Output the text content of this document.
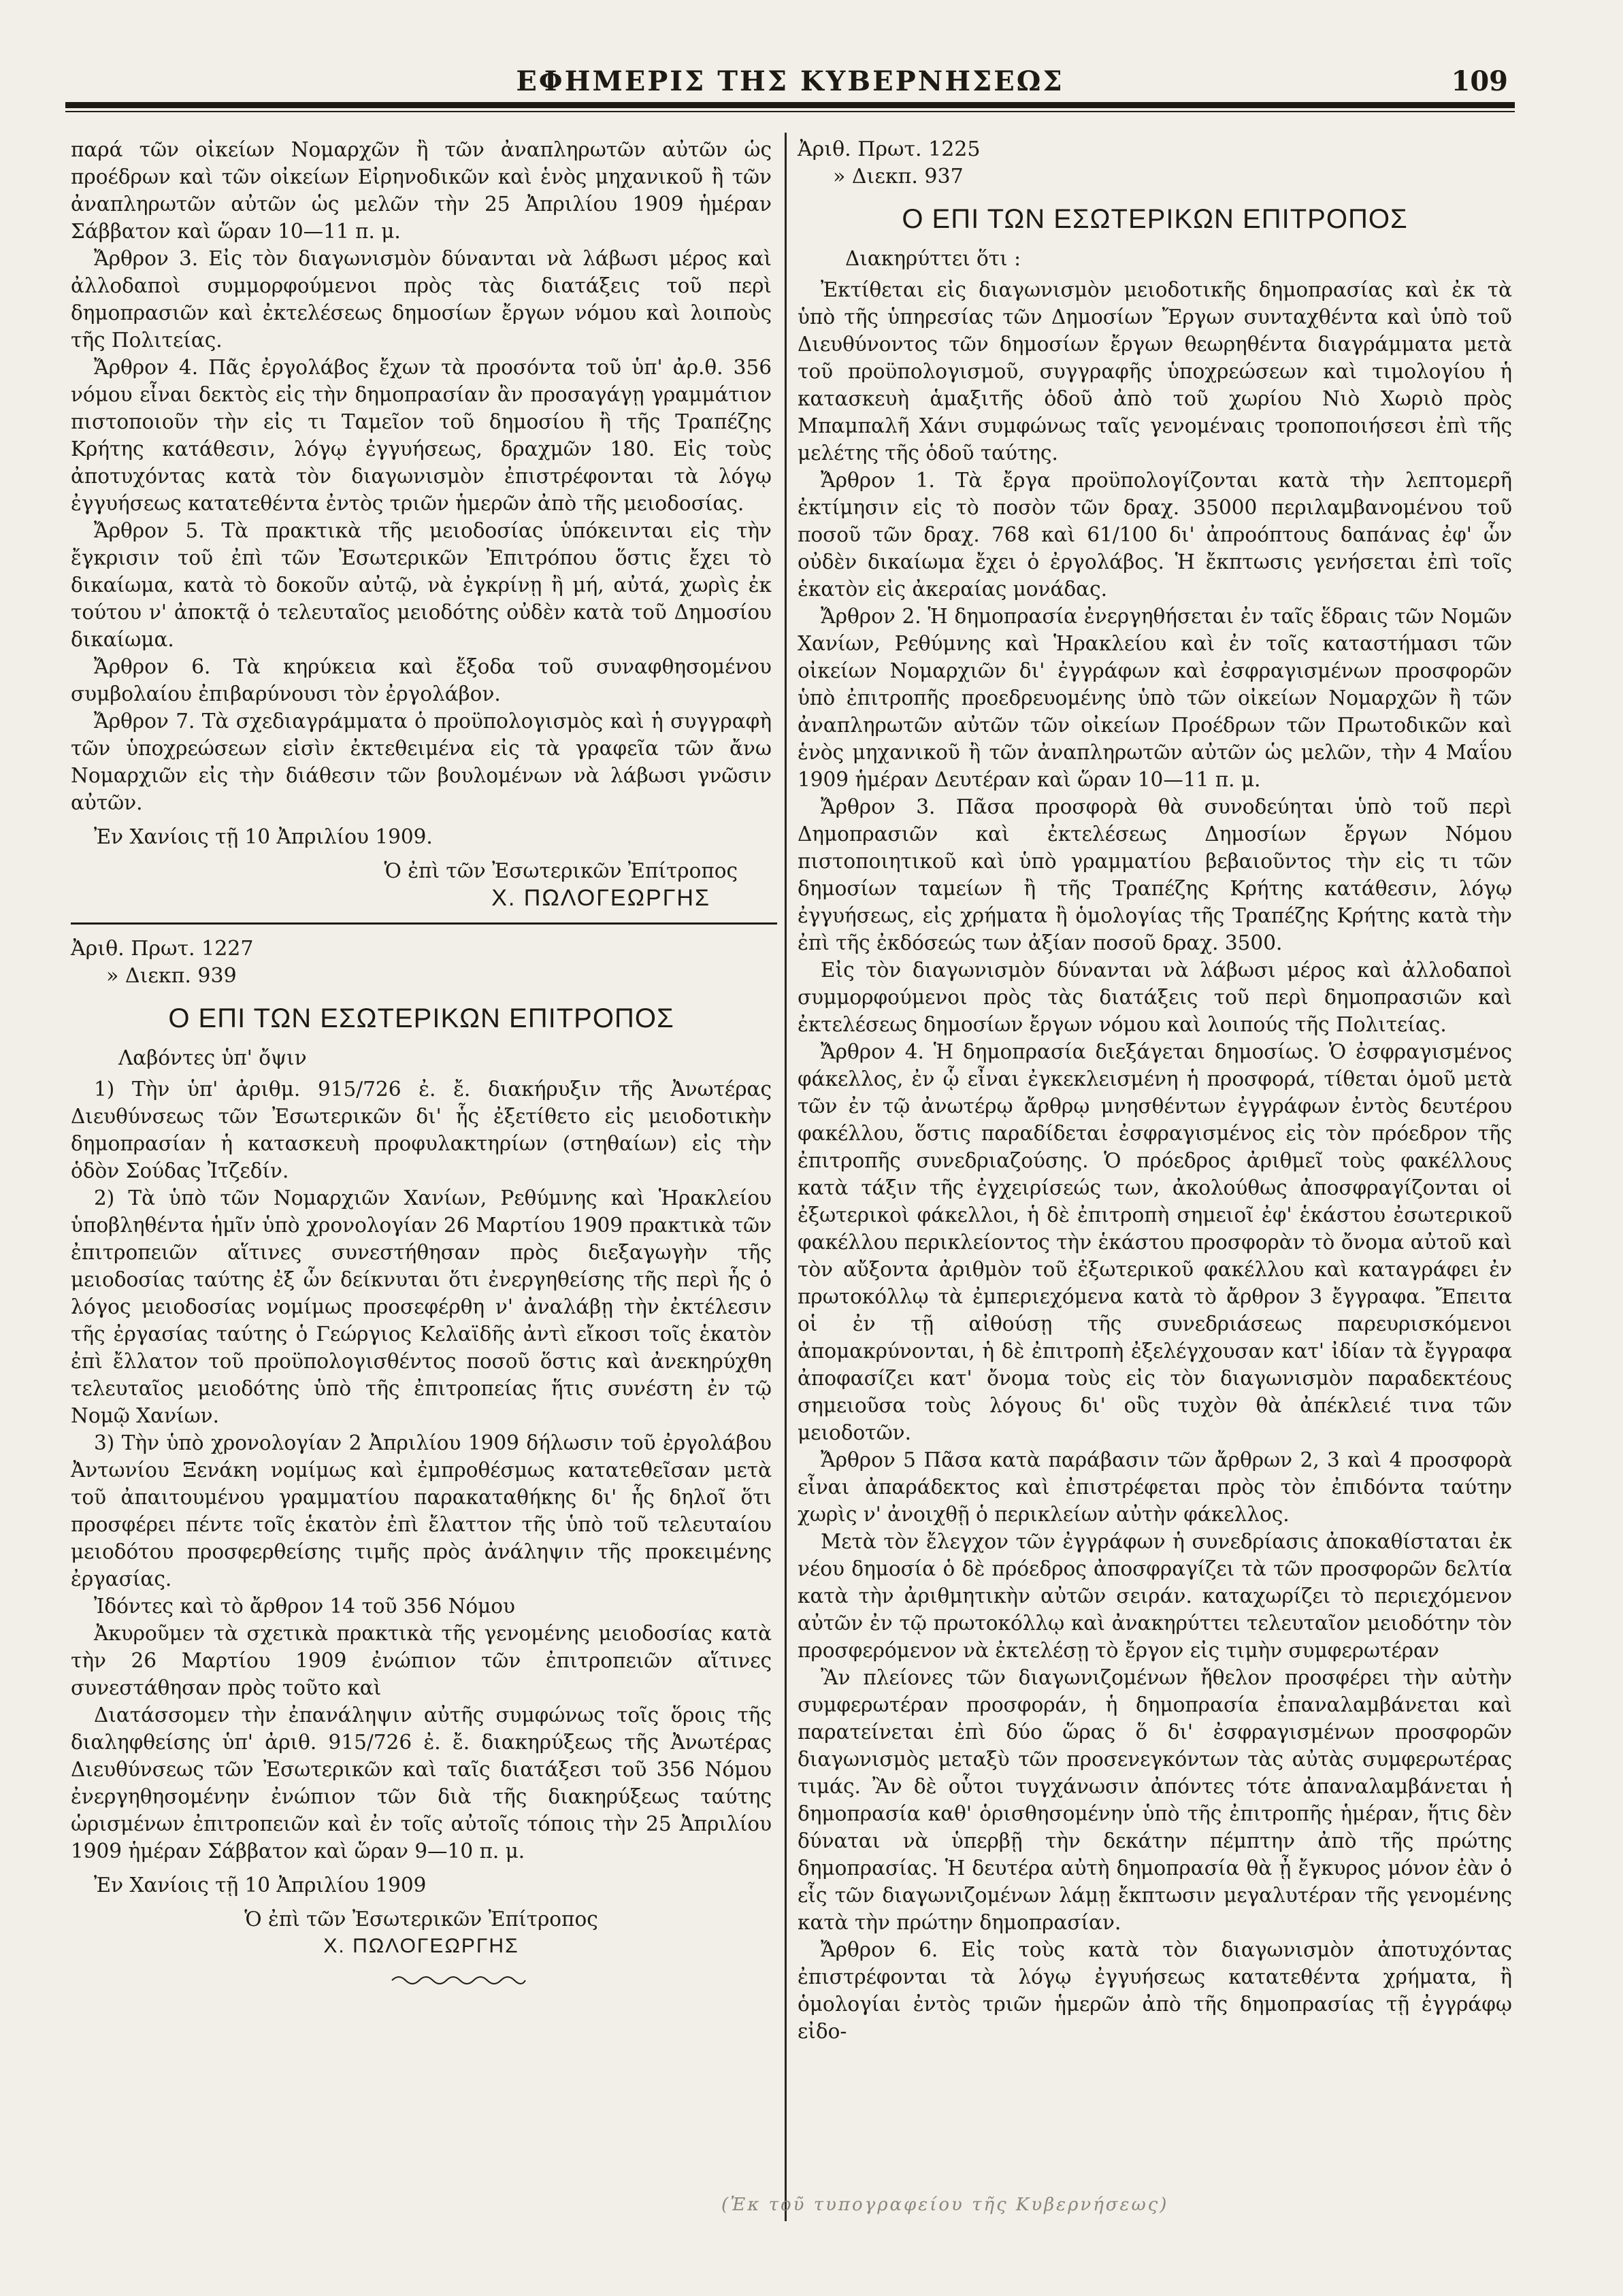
ΕΦΗΜΕΡΙΣ ΤΗΣ ΚΥΒΕΡΝΗΣΕΩΣ	109

παρά τῶν οἰκείων Νομαρχῶν ἢ τῶν ἀναπληρωτῶν αὐτῶν ὡς προέδρων καὶ τῶν οἰκείων Εἰρηνοδικῶν καὶ ἑνὸς μηχανικοῦ ἢ τῶν ἀναπληρωτῶν αὐτῶν ὡς μελῶν τὴν 25 Ἀπριλίου 1909 ἡμέραν Σάββατον καὶ ὥραν 10—11 π. μ.

Ἄρθρον 3. Εἰς τὸν διαγωνισμὸν δύνανται νὰ λάβωσι μέρος καὶ ἀλλοδαποὶ συμμορφούμενοι πρὸς τὰς διατάξεις τοῦ περὶ δημοπρασιῶν καὶ ἐκτελέσεως δημοσίων ἔργων νόμου καὶ λοιποὺς τῆς Πολιτείας.

Ἄρθρον 4. Πᾶς ἐργολάβος ἔχων τὰ προσόντα τοῦ ὑπ' ἀρ.θ. 356 νόμου εἶναι δεκτὸς εἰς τὴν δημοπρασίαν ἂν προσαγάγῃ γραμμάτιον πιστοποιοῦν τὴν εἰς τι Ταμεῖον τοῦ δημοσίου ἢ τῆς Τραπέζης Κρήτης κατάθεσιν, λόγῳ ἐγγυήσεως, δραχμῶν 180. Εἰς τοὺς ἀποτυχόντας κατὰ τὸν διαγωνισμὸν ἐπιστρέφονται τὰ λόγῳ ἐγγυήσεως κατατεθέντα ἐντὸς τριῶν ἡμερῶν ἀπὸ τῆς μειοδοσίας.

Ἄρθρον 5. Τὰ πρακτικὰ τῆς μειοδοσίας ὑπόκεινται εἰς τὴν ἔγκρισιν τοῦ ἐπὶ τῶν Ἐσωτερικῶν Ἐπιτρόπου ὅστις ἔχει τὸ δικαίωμα, κατὰ τὸ δοκοῦν αὐτῷ, νὰ ἐγκρίνῃ ἢ μή, αὐτά, χωρὶς ἐκ τούτου ν' ἀποκτᾷ ὁ τελευταῖος μειοδότης οὐδὲν κατὰ τοῦ Δημοσίου δικαίωμα.

Ἄρθρον 6. Τὰ κηρύκεια καὶ ἔξοδα τοῦ συναφθησομένου συμβολαίου ἐπιβαρύνουσι τὸν ἐργολάβον.

Ἄρθρον 7. Τὰ σχεδιαγράμματα ὁ προϋπολογισμὸς καὶ ἡ συγγραφὴ τῶν ὑποχρεώσεων εἰσὶν ἐκτεθειμένα εἰς τὰ γραφεῖα τῶν ἄνω Νομαρχιῶν εἰς τὴν διάθεσιν τῶν βουλομένων νὰ λάβωσι γνῶσιν αὐτῶν.

Ἐν Χανίοις τῇ 10 Ἀπριλίου 1909.

Ὁ ἐπὶ τῶν Ἐσωτερικῶν Ἐπίτροπος

Χ. ΠΩΛΟΓΕΩΡΓΗΣ

Ἀριθ. Πρωτ. 1227

» Διεκπ. 939

Ο ΕΠΙ ΤΩΝ ΕΣΩΤΕΡΙΚΩΝ ΕΠΙΤΡΟΠΟΣ

Λαβόντες ὑπ' ὄψιν

1) Τὴν ὑπ' ἀριθμ. 915/726 ἐ. ἔ. διακήρυξιν τῆς Ἀνωτέρας Διευθύνσεως τῶν Ἐσωτερικῶν δι' ἧς ἐξετίθετο εἰς μειοδοτικὴν δημοπρασίαν ἡ κατασκευὴ προφυλακτηρίων (στηθαίων) εἰς τὴν ὁδὸν Σούδας Ἰτζεδίν.

2) Τὰ ὑπὸ τῶν Νομαρχιῶν Χανίων, Ρεθύμνης καὶ Ἡρακλείου ὑποβληθέντα ἡμῖν ὑπὸ χρονολογίαν 26 Μαρτίου 1909 πρακτικὰ τῶν ἐπιτροπειῶν αἵτινες συνεστήθησαν πρὸς διεξαγωγὴν τῆς μειοδοσίας ταύτης ἐξ ὧν δείκνυται ὅτι ἐνεργηθείσης τῆς περὶ ἧς ὁ λόγος μειοδοσίας νομίμως προσεφέρθη ν' ἀναλάβῃ τὴν ἐκτέλεσιν τῆς ἐργασίας ταύτης ὁ Γεώργιος Κελαϊδῆς ἀντὶ εἴκοσι τοῖς ἑκατὸν ἐπὶ ἔλλατον τοῦ προϋπολογισθέντος ποσοῦ ὅστις καὶ ἀνεκηρύχθη τελευταῖος μειοδότης ὑπὸ τῆς ἐπιτροπείας ἥτις συνέστη ἐν τῷ Νομῷ Χανίων.

3) Τὴν ὑπὸ χρονολογίαν 2 Ἀπριλίου 1909 δήλωσιν τοῦ ἐργολάβου Ἀντωνίου Ξενάκη νομίμως καὶ ἐμπροθέσμως κατατεθεῖσαν μετὰ τοῦ ἀπαιτουμένου γραμματίου παρακαταθήκης δι' ἧς δηλοῖ ὅτι προσφέρει πέντε τοῖς ἑκατὸν ἐπὶ ἔλαττον τῆς ὑπὸ τοῦ τελευταίου μειοδότου προσφερθείσης τιμῆς πρὸς ἀνάληψιν τῆς προκειμένης ἐργασίας.

Ἰδόντες καὶ τὸ ἄρθρον 14 τοῦ 356 Νόμου

Ἀκυροῦμεν τὰ σχετικὰ πρακτικὰ τῆς γενομένης μειοδοσίας κατὰ τὴν 26 Μαρτίου 1909 ἐνώπιον τῶν ἐπιτροπειῶν αἵτινες συνεστάθησαν πρὸς τοῦτο καὶ

Διατάσσομεν τὴν ἐπανάληψιν αὐτῆς συμφώνως τοῖς ὅροις τῆς διαληφθείσης ὑπ' ἀριθ. 915/726 ἐ. ἔ. διακηρύξεως τῆς Ἀνωτέρας Διευθύνσεως τῶν Ἐσωτερικῶν καὶ ταῖς διατάξεσι τοῦ 356 Νόμου ἐνεργηθησομένην ἐνώπιον τῶν διὰ τῆς διακηρύξεως ταύτης ὡρισμένων ἐπιτροπειῶν καὶ ἐν τοῖς αὐτοῖς τόποις τὴν 25 Ἀπριλίου 1909 ἡμέραν Σάββατον καὶ ὥραν 9—10 π. μ.

Ἐν Χανίοις τῇ 10 Ἀπριλίου 1909

Ὁ ἐπὶ τῶν Ἐσωτερικῶν Ἐπίτροπος

Χ. ΠΩΛΟΓΕΩΡΓΗΣ

Ἀριθ. Πρωτ. 1225

» Διεκπ. 937

Ο ΕΠΙ ΤΩΝ ΕΣΩΤΕΡΙΚΩΝ ΕΠΙΤΡΟΠΟΣ

Διακηρύττει ὅτι :

Ἐκτίθεται εἰς διαγωνισμὸν μειοδοτικῆς δημοπρασίας καὶ ἐκ τὰ ὑπὸ τῆς ὑπηρεσίας τῶν Δημοσίων Ἔργων συνταχθέντα καὶ ὑπὸ τοῦ Διευθύνοντος τῶν δημοσίων ἔργων θεωρηθέντα διαγράμματα μετὰ τοῦ προϋπολογισμοῦ, συγγραφῆς ὑποχρεώσεων καὶ τιμολογίου ἡ κατασκευὴ ἁμαξιτῆς ὁδοῦ ἀπὸ τοῦ χωρίου Νιὸ Χωριὸ πρὸς Μπαμπαλῆ Χάνι συμφώνως ταῖς γενομέναις τροποποιήσεσι ἐπὶ τῆς μελέτης τῆς ὁδοῦ ταύτης.

Ἄρθρον 1. Τὰ ἔργα προϋπολογίζονται κατὰ τὴν λεπτομερῆ ἐκτίμησιν εἰς τὸ ποσὸν τῶν δραχ. 35000 περιλαμβανομένου τοῦ ποσοῦ τῶν δραχ. 768 καὶ 61/100 δι' ἀπροόπτους δαπάνας ἐφ' ὧν οὐδὲν δικαίωμα ἔχει ὁ ἐργολάβος. Ἡ ἔκπτωσις γενήσεται ἐπὶ τοῖς ἑκατὸν εἰς ἀκεραίας μονάδας.

Ἄρθρον 2. Ἡ δημοπρασία ἐνεργηθήσεται ἐν ταῖς ἕδραις τῶν Νομῶν Χανίων, Ρεθύμνης καὶ Ἡρακλείου καὶ ἐν τοῖς καταστήμασι τῶν οἰκείων Νομαρχιῶν δι' ἐγγράφων καὶ ἐσφραγισμένων προσφορῶν ὑπὸ ἐπιτροπῆς προεδρευομένης ὑπὸ τῶν οἰκείων Νομαρχῶν ἢ τῶν ἀναπληρωτῶν αὐτῶν τῶν οἰκείων Προέδρων τῶν Πρωτοδικῶν καὶ ἑνὸς μηχανικοῦ ἢ τῶν ἀναπληρωτῶν αὐτῶν ὡς μελῶν, τὴν 4 Μαΐου 1909 ἡμέραν Δευτέραν καὶ ὥραν 10—11 π. μ.

Ἄρθρον 3. Πᾶσα προσφορὰ θὰ συνοδεύηται ὑπὸ τοῦ περὶ Δημοπρασιῶν καὶ ἐκτελέσεως Δημοσίων ἔργων Νόμου πιστοποιητικοῦ καὶ ὑπὸ γραμματίου βεβαιοῦντος τὴν εἰς τι τῶν δημοσίων ταμείων ἢ τῆς Τραπέζης Κρήτης κατάθεσιν, λόγῳ ἐγγυήσεως, εἰς χρήματα ἢ ὁμολογίας τῆς Τραπέζης Κρήτης κατὰ τὴν ἐπὶ τῆς ἐκδόσεώς των ἀξίαν ποσοῦ δραχ. 3500.

Εἰς τὸν διαγωνισμὸν δύνανται νὰ λάβωσι μέρος καὶ ἀλλοδαποὶ συμμορφούμενοι πρὸς τὰς διατάξεις τοῦ περὶ δημοπρασιῶν καὶ ἐκτελέσεως δημοσίων ἔργων νόμου καὶ λοιπούς τῆς Πολιτείας.

Ἄρθρον 4. Ἡ δημοπρασία διεξάγεται δημοσίως. Ὁ ἐσφραγισμένος φάκελλος, ἐν ᾧ εἶναι ἐγκεκλεισμένη ἡ προσφορά, τίθεται ὁμοῦ μετὰ τῶν ἐν τῷ ἀνωτέρῳ ἄρθρῳ μνησθέντων ἐγγράφων ἐντὸς δευτέρου φακέλλου, ὅστις παραδίδεται ἐσφραγισμένος εἰς τὸν πρόεδρον τῆς ἐπιτροπῆς συνεδριαζούσης. Ὁ πρόεδρος ἀριθμεῖ τοὺς φακέλλους κατὰ τάξιν τῆς ἐγχειρίσεώς των, ἀκολούθως ἀποσφραγίζονται οἱ ἐξωτερικοὶ φάκελλοι, ἡ δὲ ἐπιτροπὴ σημειοῖ ἐφ' ἑκάστου ἐσωτερικοῦ φακέλλου περικλείοντος τὴν ἑκάστου προσφορὰν τὸ ὄνομα αὐτοῦ καὶ τὸν αὔξοντα ἀριθμὸν τοῦ ἐξωτερικοῦ φακέλλου καὶ καταγράφει ἐν πρωτοκόλλῳ τὰ ἐμπεριεχόμενα κατὰ τὸ ἄρθρον 3 ἔγγραφα. Ἔπειτα οἱ ἐν τῇ αἰθούσῃ τῆς συνεδριάσεως παρευρισκόμενοι ἀπομακρύνονται, ἡ δὲ ἐπιτροπὴ ἐξελέγχουσαν κατ' ἰδίαν τὰ ἔγγραφα ἀποφασίζει κατ' ὄνομα τοὺς εἰς τὸν διαγωνισμὸν παραδεκτέους σημειοῦσα τοὺς λόγους δι' οὓς τυχὸν θὰ ἀπέκλειέ τινα τῶν μειοδοτῶν.

Ἄρθρον 5 Πᾶσα κατὰ παράβασιν τῶν ἄρθρων 2, 3 καὶ 4 προσφορὰ εἶναι ἀπαράδεκτος καὶ ἐπιστρέφεται πρὸς τὸν ἐπιδόντα ταύτην χωρὶς ν' ἀνοιχθῇ ὁ περικλείων αὐτὴν φάκελλος.

Μετὰ τὸν ἔλεγχον τῶν ἐγγράφων ἡ συνεδρίασις ἀποκαθίσταται ἐκ νέου δημοσία ὁ δὲ πρόεδρος ἀποσφραγίζει τὰ τῶν προσφορῶν δελτία κατὰ τὴν ἀριθμητικὴν αὐτῶν σειράν. καταχωρίζει τὸ περιεχόμενον αὐτῶν ἐν τῷ πρωτοκόλλῳ καὶ ἀνακηρύττει τελευταῖον μειοδότην τὸν προσφερόμενον νὰ ἐκτελέσῃ τὸ ἔργον εἰς τιμὴν συμφερωτέραν

Ἂν πλείονες τῶν διαγωνιζομένων ἤθελον προσφέρει τὴν αὐτὴν συμφερωτέραν προσφοράν, ἡ δημοπρασία ἐπαναλαμβάνεται καὶ παρατείνεται ἐπὶ δύο ὥρας ὅ δι' ἐσφραγισμένων προσφορῶν διαγωνισμὸς μεταξὺ τῶν προσενεγκόντων τὰς αὐτὰς συμφερωτέρας τιμάς. Ἂν δὲ οὗτοι τυγχάνωσιν ἀπόντες τότε ἀπαναλαμβάνεται ἡ δημοπρασία καθ' ὁρισθησομένην ὑπὸ τῆς ἐπιτροπῆς ἡμέραν, ἥτις δὲν δύναται νὰ ὑπερβῇ τὴν δεκάτην πέμπτην ἀπὸ τῆς πρώτης δημοπρασίας. Ἡ δευτέρα αὐτὴ δημοπρασία θὰ ᾖ ἔγκυρος μόνον ἐὰν ὁ εἷς τῶν διαγωνιζομένων λάμῃ ἔκπτωσιν μεγαλυτέραν τῆς γενομένης κατὰ τὴν πρώτην δημοπρασίαν.

Ἄρθρον 6. Εἰς τοὺς κατὰ τὸν διαγωνισμὸν ἀποτυχόντας ἐπιστρέφονται τὰ λόγῳ ἐγγυήσεως κατατεθέντα χρήματα, ἢ ὁμολογίαι ἐντὸς τριῶν ἡμερῶν ἀπὸ τῆς δημοπρασίας τῇ ἐγγράφῳ εἰδο-

(Ἐκ τοῦ τυπογραφείου τῆς Κυβερνήσεως)
